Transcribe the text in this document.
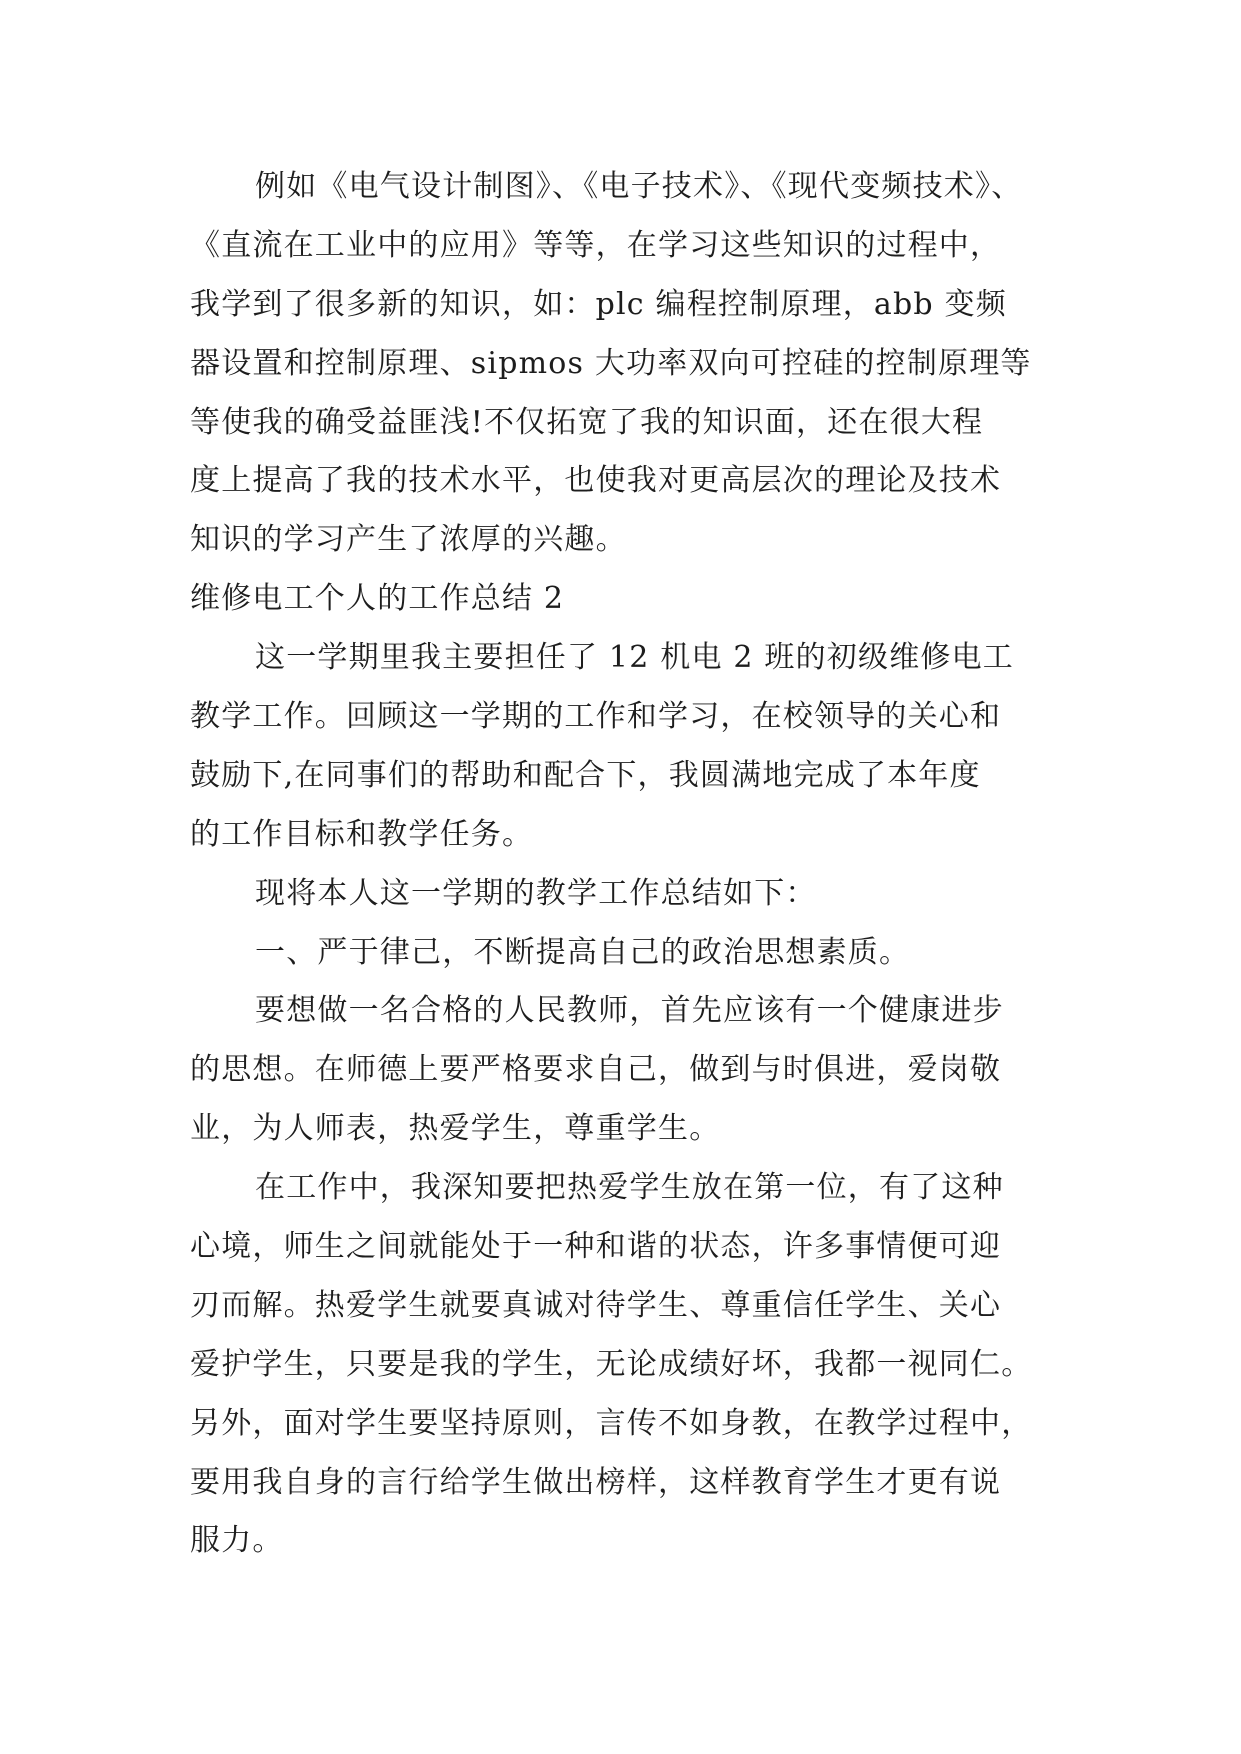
例如《电气设计制图》、《电子技术》、《现代变频技术》、
《直流在工业中的应用》等等，在学习这些知识的过程中，
我学到了很多新的知识，如：plc 编程控制原理，abb 变频
器设置和控制原理、sipmos 大功率双向可控硅的控制原理等
等使我的确受益匪浅!不仅拓宽了我的知识面，还在很大程
度上提高了我的技术水平，也使我对更高层次的理论及技术
知识的学习产生了浓厚的兴趣。
维修电工个人的工作总结 2
这一学期里我主要担任了 12 机电 2 班的初级维修电工
教学工作。回顾这一学期的工作和学习，在校领导的关心和
鼓励下,在同事们的帮助和配合下，我圆满地完成了本年度
的工作目标和教学任务。
现将本人这一学期的教学工作总结如下：
一、严于律己，不断提高自己的政治思想素质。
要想做一名合格的人民教师，首先应该有一个健康进步
的思想。在师德上要严格要求自己，做到与时俱进，爱岗敬
业，为人师表，热爱学生，尊重学生。
在工作中，我深知要把热爱学生放在第一位，有了这种
心境，师生之间就能处于一种和谐的状态，许多事情便可迎
刃而解。热爱学生就要真诚对待学生、尊重信任学生、关心
爱护学生，只要是我的学生，无论成绩好坏，我都一视同仁。
另外，面对学生要坚持原则，言传不如身教，在教学过程中，
要用我自身的言行给学生做出榜样，这样教育学生才更有说
服力。
